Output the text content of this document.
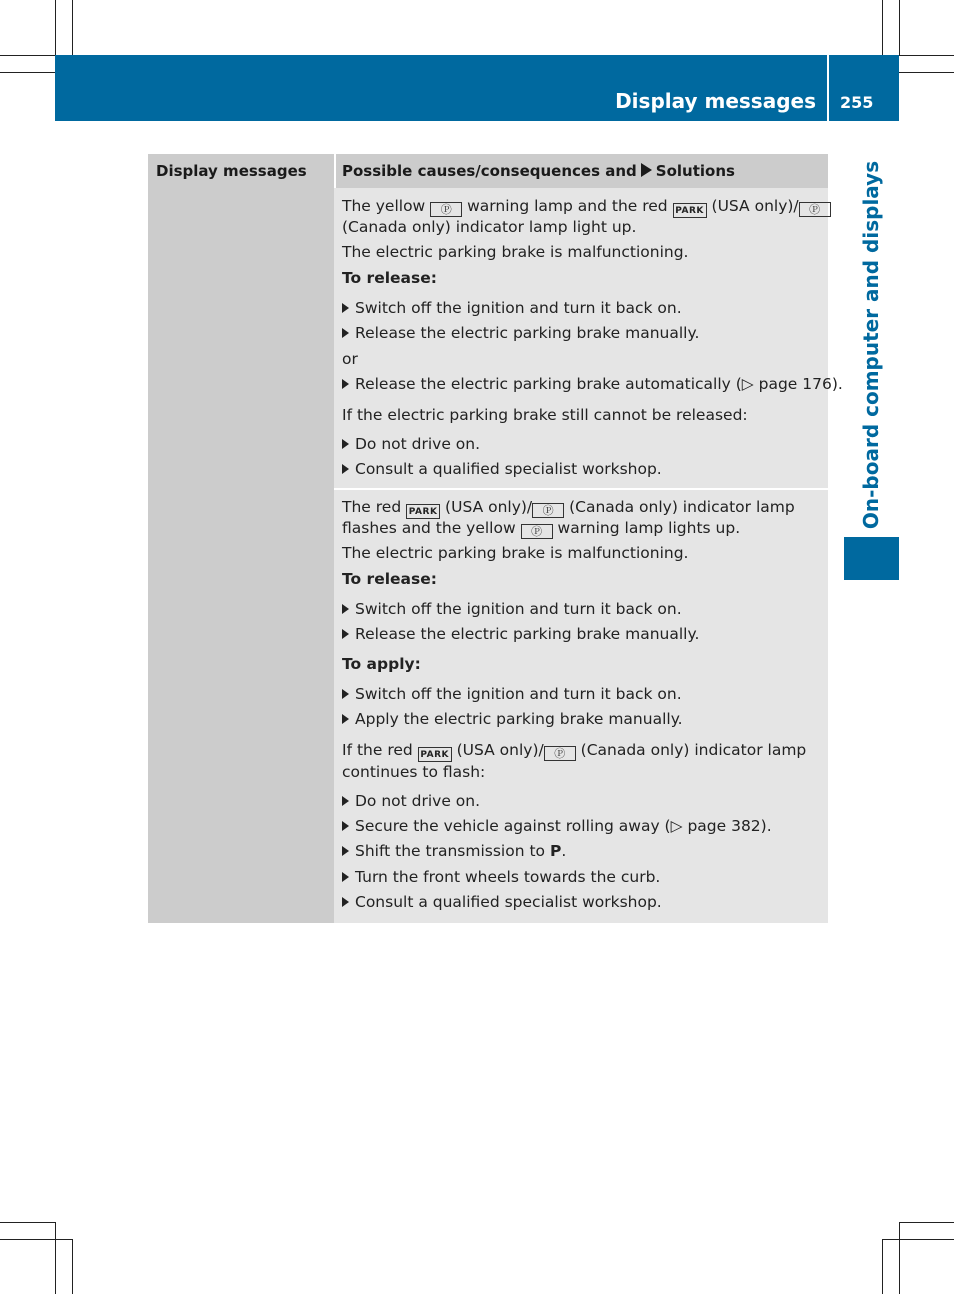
Display messages 255
On-board computer and displays
Display messages Possible causes/consequences and Solutions
The yellow Ⓟ warning lamp and the red PARK (USA only)/ Ⓟ
(Canada only) indicator lamp light up.
The electric parking brake is malfunctioning.
To release:
Switch off the ignition and turn it back on.
Release the electric parking brake manually.
or
Release the electric parking brake automatically (▷ page 176).
If the electric parking brake still cannot be released:
Do not drive on.
Consult a qualified specialist workshop.
The red PARK (USA only)/ Ⓟ (Canada only) indicator lamp
flashes and the yellow Ⓟ warning lamp lights up.
The electric parking brake is malfunctioning.
To release:
Switch off the ignition and turn it back on.
Release the electric parking brake manually.
To apply:
Switch off the ignition and turn it back on.
Apply the electric parking brake manually.
If the red PARK (USA only)/ Ⓟ (Canada only) indicator lamp
continues to flash:
Do not drive on.
Secure the vehicle against rolling away (▷ page 382).
Shift the transmission to P.
Turn the front wheels towards the curb.
Consult a qualified specialist workshop.
